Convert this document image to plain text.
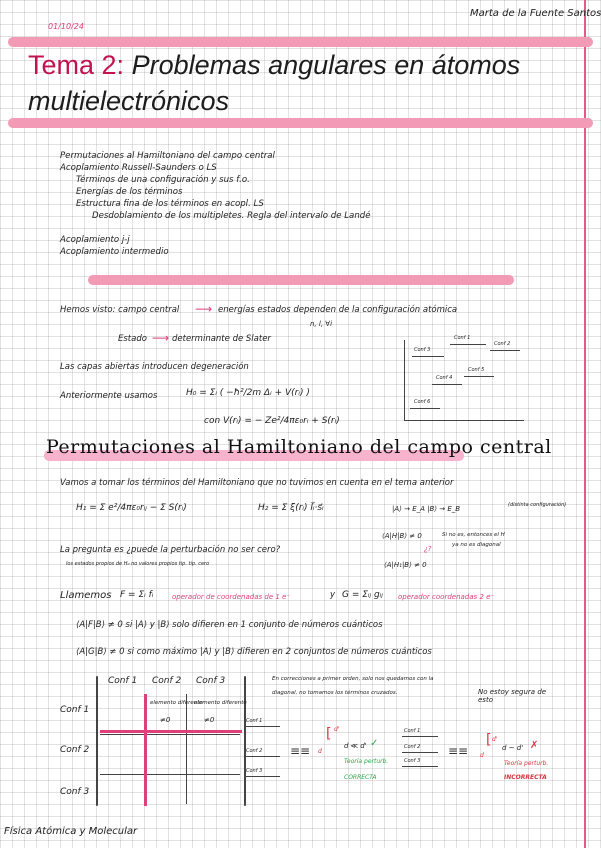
01/10/24
Marta de la Fuente Santos
Tema 2: Problemas angulares en átomos
multielectrónicos
Permutaciones al Hamiltoniano del campo central
Acoplamiento Russell-Saunders o LS
Términos de una configuración y sus f.o.
Energías de los términos
Estructura fina de los términos en acopl. LS
Desdoblamiento de los multipletes. Regla del intervalo de Landé
Acoplamiento j-j
Acoplamiento intermedio
Hemos visto: campo central ⟶ energías estados dependen de la configuración atómica
n, l, ∀i
Estado ⟶ determinante de Slater
Las capas abiertas introducen degeneración
Anteriormente usamos	H₀ = Σᵢ ( −ħ²/2m Δᵢ + V(rᵢ) )
con V(rᵢ) = − Ze²/4πε₀rᵢ + S(rᵢ)
Conf 1
Conf 2
Conf 3
Conf 4
Conf 5
Conf 6
Permutaciones al Hamiltoniano del campo central
Vamos a tomar los términos del Hamiltoniano que no tuvimos en cuenta en el tema anterior
H₁ = Σ e²/4πε₀rᵢⱼ − Σ S(rᵢ)	H₂ = Σ ξ(rᵢ) l⃗ᵢ·s⃗ᵢ	|A⟩ → E_A |B⟩ → E_B	(distinta configuración)
⟨A|H|B⟩ ≠ 0	Si no es, entonces el H
ya no es diagonal
La pregunta es ¿puede la perturbación no ser cero?	¿?
los estados propios de H₀ no valores propios tip. típ. cero	⟨A|H₁|B⟩ ≠ 0
Llamemos F = Σᵢ fᵢ	operador de coordenadas de 1 e⁻	y G = Σᵢⱼ gᵢⱼ operador coordenadas 2 e⁻
⟨A|F|B⟩ ≠ 0 si |A⟩ y |B⟩ solo difieren en 1 conjunto de números cuánticos
⟨A|G|B⟩ ≠ 0 si como máximo |A⟩ y |B⟩ difieren en 2 conjuntos de números cuánticos
Conf 1 Conf 2 Conf 3
Conf 1
Conf 2
Conf 3
elemento diferente
elemento diferente
≠0	≠0
En correcciones a primer orden, solo nos quedamos con la
diagonal, no tomamos los términos cruzados.	No estoy segura de esto
Conf 1
Conf 2
Conf 3
≡≡
[
d
d'
d ≪ d' ✓
Teoría perturb.
CORRECTA
Conf 1
Conf 2
Conf 3
≡≡
[
d
d'
d ~ d' ✗
Teoría perturb.
INCORRECTA
Física Atómica y Molecular
